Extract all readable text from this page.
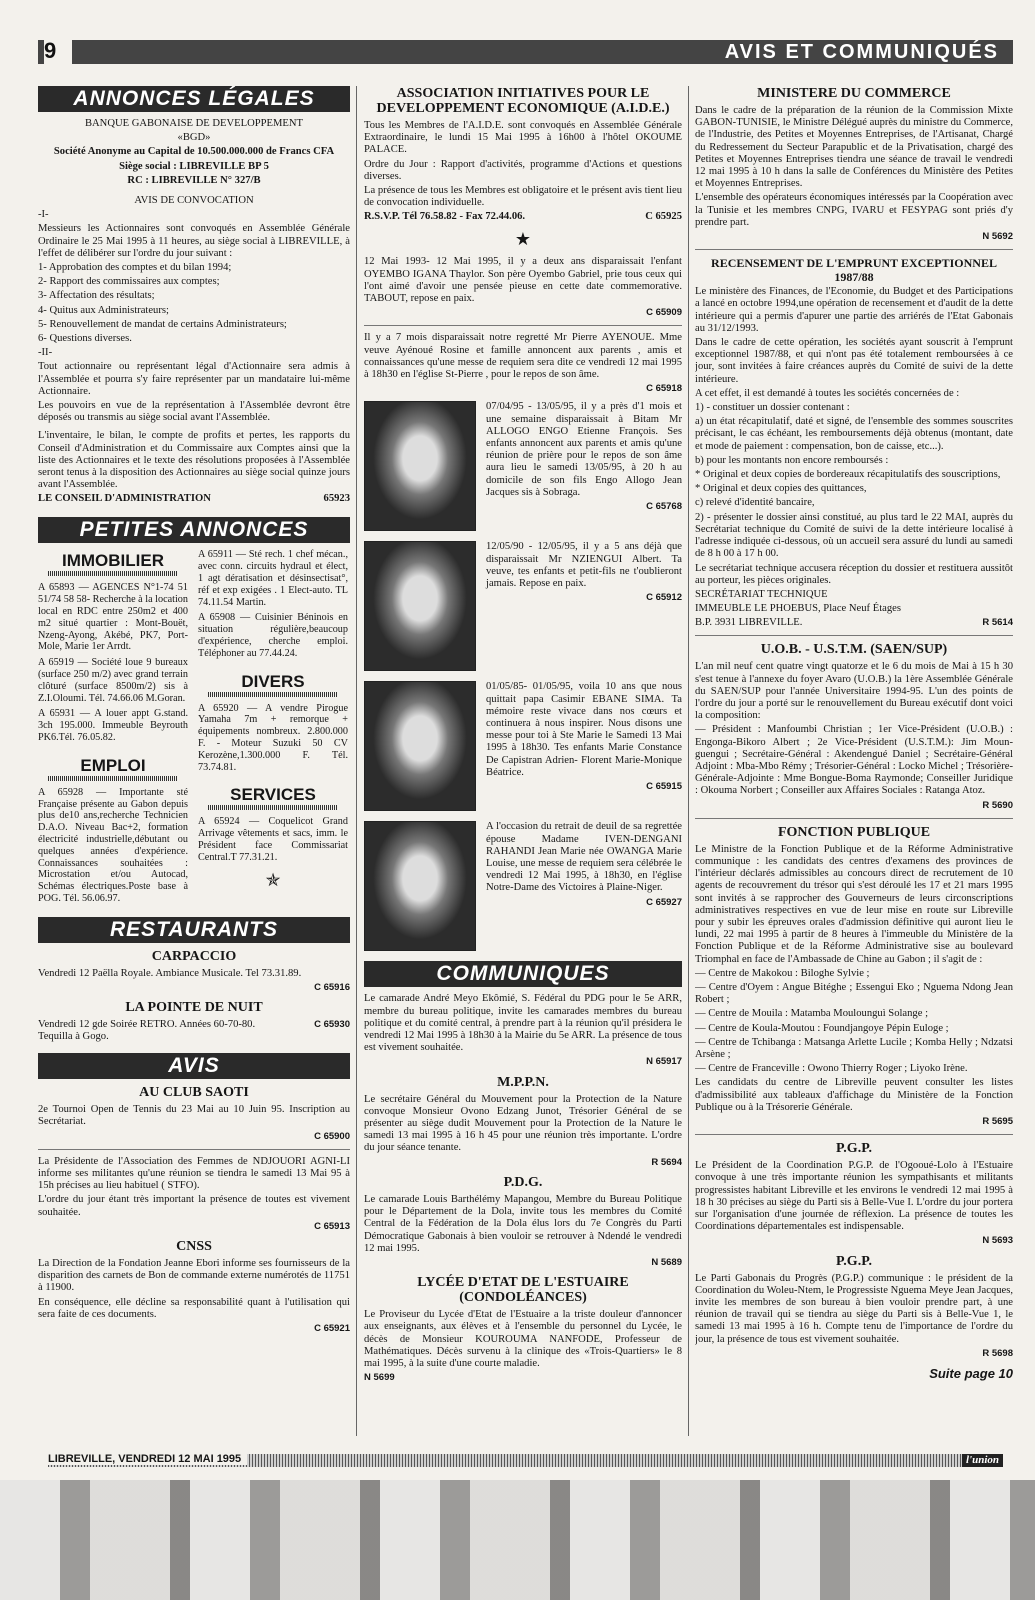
9	AVIS ET COMMUNIQUÉS
ANNONCES LÉGALES

BANQUE GABONAISE DE DEVELOPPEMENT

«BGD»

Société Anonyme au Capital de 10.500.000.000 de Francs CFA

Siège social : LIBREVILLE BP 5

RC : LIBREVILLE N° 327/B

AVIS DE CONVOCATION

-I-

Messieurs les Actionnaires sont convoqués en Assemblée Générale Ordinaire le 25 Mai 1995 à 11 heures, au siège social à LIBREVILLE, à l'effet de délibérer sur l'ordre du jour suivant :

1- Approbation des comptes et du bilan 1994;

2- Rapport des commissaires aux comptes;

3- Affectation des résultats;

4- Quitus aux Administrateurs;

5- Renouvellement de mandat de certains Administrateurs;

6- Questions diverses.

-II-

Tout actionnaire ou représentant légal d'Actionnaire sera admis à l'Assemblée et pourra s'y faire représenter par un mandataire lui-même Actionnaire.

Les pouvoirs en vue de la représentation à l'Assemblée devront être déposés ou transmis au siège social avant l'Assemblée.

L'inventaire, le bilan, le compte de profits et pertes, les rapports du Conseil d'Administration et du Commissaire aux Comptes ainsi que la liste des Actionnaires et le texte des résolutions proposées à l'Assemblée seront tenus à la disposition des Actionnaires au siège social quinze jours avant l'Assemblée.

LE CONSEIL D'ADMINISTRATION	65923
PETITES ANNONCES
IMMOBILIER

A 65893 — AGENCES N°1-74 51 51/74 58 58- Recherche à la location local en RDC entre 250m2 et 400 m2 situé quartier : Mont-Bouët, Nzeng-Ayong, Akébé, PK7, Port-Mole, Marie 1er Arrdt.

A 65919 — Société loue 9 bureaux (surface 250 m/2) avec grand terrain clôturé (surface 8500m/2) sis à Z.I.Oloumi. Tél. 74.66.06 M.Goran.

A 65931 — A louer appt G.stand. 3ch 195.000. Immeuble Beyrouth PK6.Tél. 76.05.82.

EMPLOI

A 65928 — Importante sté Française présente au Gabon depuis plus de10 ans,recherche Technicien D.A.O. Niveau Bac+2, formation électricité industrielle,débutant ou quelques années d'expérience. Connaissances souhaitées : Microstation et/ou Autocad, Schémas électriques.Poste base à POG. Tél. 56.06.97.

A 65911 — Sté rech. 1 chef mécan., avec conn. circuits hydraul et élect, 1 agt dératisation et désinsectisat°, réf et exp exigées . 1 Elect-auto. TL 74.11.54 Martin.

A 65908 — Cuisinier Béninois en situation régulière,beaucoup d'expérience, cherche emploi. Téléphoner au 77.44.24.

DIVERS

A 65920 — A vendre Pirogue Yamaha 7m + remorque + équipements nombreux. 2.800.000 F. - Moteur Suzuki 50 CV Kerozène,1.300.000 F. Tél. 73.74.81.

SERVICES

A 65924 — Coquelicot Grand Arrivage vêtements et sacs, imm. le Président face Commissariat Central.T 77.31.21.

✯
RESTAURANTS
CARPACCIO

Vendredi 12 Paëlla Royale. Ambiance Musicale. Tel 73.31.89.

C 65916

LA POINTE DE NUIT
Vendredi 12 gde Soirée RETRO. Années 60-70-80. Tequilla à Gogo.
C 65930
AVIS
AU CLUB SAOTI

2e Tournoi Open de Tennis du 23 Mai au 10 Juin 95. Inscription au Secrétariat.

C 65900

La Présidente de l'Association des Femmes de NDJOUORI AGNI-LI informe ses militantes qu'une réunion se tiendra le samedi 13 Mai 95 à 15h précises au lieu habituel ( STFO).

L'ordre du jour étant très important la présence de toutes est vivement souhaitée.

C 65913

CNSS

La Direction de la Fondation Jeanne Ebori informe ses fournisseurs de la disparition des carnets de Bon de commande externe numérotés de 11751 à 11900.

En conséquence, elle décline sa responsabilité quant à l'utilisation qui sera faite de ces documents.

C 65921

ASSOCIATION INITIATIVES POUR LE DEVELOPPEMENT ECONOMIQUE (A.I.D.E.)

Tous les Membres de l'A.I.D.E. sont convoqués en Assemblée Générale Extraordinaire, le lundi 15 Mai 1995 à 16h00 à l'hôtel OKOUME PALACE.

Ordre du Jour : Rapport d'activités, programme d'Actions et questions diverses.

La présence de tous les Membres est obligatoire et le présent avis tient lieu de convocation individuelle.

R.S.V.P. Tél 76.58.82 - Fax 72.44.06.	C 65925
★

12 Mai 1993- 12 Mai 1995, il y a deux ans disparaissait l'enfant OYEMBO IGANA Thaylor. Son père Oyembo Gabriel, prie tous ceux qui l'ont aimé d'avoir une pensée pieuse en cette date commemorative. TABOUT, repose en paix.

C 65909

Il y a 7 mois disparaissait notre regretté Mr Pierre AYENOUE. Mme veuve Ayénoué Rosine et famille annoncent aux parents , amis et connaissances qu'une messe de requiem sera dite ce vendredi 12 mai 1995 à 18h30 en l'église St-Pierre , pour le repos de son âme.

C 65918

07/04/95 - 13/05/95, il y a près d'1 mois et une semaine disparaissait à Bitam Mr ALLOGO ENGO Etienne François. Ses enfants annoncent aux parents et amis qu'une réunion de prière pour le repos de son âme aura lieu le samedi 13/05/95, à 20 h au domicile de son fils Engo Allogo Jean Jacques sis à Sobraga.

C 65768

12/05/90 - 12/05/95, il y a 5 ans déjà que disparaissait Mr NZIENGUI Albert. Ta veuve, tes enfants et petit-fils ne t'oublieront jamais. Repose en paix.

C 65912

01/05/85- 01/05/95, voila 10 ans que nous quittait papa Casimir EBANE SIMA. Ta mémoire reste vivace dans nos cœurs et continuera à nous inspirer. Nous disons une messe pour toi à Ste Marie le Samedi 13 Mai 1995 à 18h30. Tes enfants Marie Constance De Capistran Adrien- Florent Marie-Monique Béatrice.

C 65915

A l'occasion du retrait de deuil de sa regrettée épouse Madame IVEN-DENGANI RAHANDI Jean Marie née OWANGA Marie Louise, une messe de requiem sera célébrée le vendredi 12 Mai 1995, à 18h30, en l'église Notre-Dame des Victoires à Plaine-Niger.

C 65927

COMMUNIQUES

Le camarade André Meyo Ekômié, S. Fédéral du PDG pour le 5e ARR, membre du bureau politique, invite les camarades membres du bureau politique et du comité central, à prendre part à la réunion qu'il présidera le vendredi 12 Mai 1995 à 18h30 à la Mairie du 5e ARR. La présence de tous est vivement souhaitée.

N 65917

M.P.P.N.

Le secrétaire Général du Mouvement pour la Protection de la Nature convoque Monsieur Ovono Edzang Junot, Trésorier Général de se présenter au siège dudit Mouvement pour la Protection de la Nature le samedi 13 mai 1995 à 16 h 45 pour une réunion très importante. L'ordre du jour séance tenante.

R 5694

P.D.G.

Le camarade Louis Barthélémy Mapangou, Membre du Bureau Politique pour le Département de la Dola, invite tous les membres du Comité Central de la Fédération de la Dola élus lors du 7e Congrès du Parti Démocratique Gabonais à bien vouloir se retrouver à Ndendé le vendredi 12 mai 1995.

N 5689

LYCÉE D'ETAT DE L'ESTUAIRE (CONDOLÉANCES)

Le Proviseur du Lycée d'Etat de l'Estuaire a la triste douleur d'annoncer aux enseignants, aux élèves et à l'ensemble du personnel du Lycée, le décès de Monsieur KOUROUMA NANFODE, Professeur de Mathématiques. Décès survenu à la clinique des «Trois-Quartiers» le 8 mai 1995, à la suite d'une courte maladie.

N 5699

MINISTERE DU COMMERCE

Dans le cadre de la préparation de la réunion de la Commission Mixte GABON-TUNISIE, le Ministre Délégué auprès du ministre du Commerce, de l'Industrie, des Petites et Moyennes Entreprises, de l'Artisanat, Chargé du Redressement du Secteur Parapublic et de la Privatisation, chargé des Petites et Moyennes Entreprises tiendra une séance de travail le vendredi 12 mai 1995 à 10 h dans la salle de Conférences du Ministère des Petites et Moyennes Entreprises.

L'ensemble des opérateurs économiques intéressés par la Coopération avec la Tunisie et les membres CNPG, IVARU et FESYPAG sont priés d'y prendre part.

N 5692

RECENSEMENT DE L'EMPRUNT EXCEPTIONNEL 1987/88

Le ministère des Finances, de l'Economie, du Budget et des Participations a lancé en octobre 1994,une opération de recensement et d'audit de la dette intérieure qui a permis d'apurer une partie des arriérés de l'Etat Gabonais au 31/12/1993.

Dans le cadre de cette opération, les sociétés ayant souscrit à l'emprunt exceptionnel 1987/88, et qui n'ont pas été totalement remboursées à ce jour, sont invitées à faire créances auprès du Comité de suivi de la dette intérieure.

A cet effet, il est demandé à toutes les sociétés concernées de :

1) - constituer un dossier contenant :

a) un état récapitulatif, daté et signé, de l'ensemble des sommes souscrites précisant, le cas échéant, les remboursements déjà obtenus (montant, date et mode de paiement : compensation, bon de caisse, etc...).

b) pour les montants non encore remboursés :

* Original et deux copies de bordereaux récapitulatifs des souscriptions,

* Original et deux copies des quittances,

c) relevé d'identité bancaire,

2) - présenter le dossier ainsi constitué, au plus tard le 22 MAI, auprès du Secrétariat technique du Comité de suivi de la dette intérieure localisé à l'adresse indiquée ci-dessous, où un accueil sera assuré du lundi au samedi de 8 h 00 à 17 h 00.

Le secrétariat technique accusera réception du dossier et restituera aussitôt au porteur, les pièces originales.

SECRÉTARIAT TECHNIQUE

IMMEUBLE LE PHOEBUS, Place Neuf Étages

B.P. 3931 LIBREVILLE.	R 5614
U.O.B. - U.S.T.M. (SAEN/SUP)

L'an mil neuf cent quatre vingt quatorze et le 6 du mois de Mai à 15 h 30 s'est tenue à l'annexe du foyer Avaro (U.O.B.) la 1ère Assemblée Générale du SAEN/SUP pour l'année Universitaire 1994-95. L'un des points de l'ordre du jour a porté sur le renouvellement du Bureau exécutif dont voici la composition:

— Président : Manfoumbi Christian ; 1er Vice-Président (U.O.B.) : Engonga-Bikoro Albert ; 2e Vice-Président (U.S.T.M.): Jim Moun-guengui ; Secrétaire-Général : Akendengué Daniel ; Secrétaire-Général Adjoint : Mba-Mbo Rémy ; Trésorier-Général : Locko Michel ; Trésorière-Générale-Adjointe : Mme Bongue-Boma Raymonde; Conseiller Juridique : Okouma Norbert ; Conseiller aux Affaires Sociales : Ratanga Atoz.

R 5690

FONCTION PUBLIQUE

Le Ministre de la Fonction Publique et de la Réforme Administrative communique : les candidats des centres d'examens des provinces de l'intérieur déclarés admissibles au concours direct de recrutement de 10 agents de recouvrement du trésor qui s'est déroulé les 17 et 21 mars 1995 sont invités à se rapprocher des Gouverneurs de leurs circonscriptions administratives respectives en vue de leur mise en route sur Libreville pour y subir les épreuves orales d'admission définitive qui auront lieu le lundi, 22 mai 1995 à partir de 8 heures à l'immeuble du Ministère de la Fonction Publique et de la Réforme Administrative sise au boulevard Triomphal en face de l'Ambassade de Chine au Gabon ; il s'agit de :

— Centre de Makokou : Biloghe Sylvie ;

— Centre d'Oyem : Angue Bitéghe ; Essengui Eko ; Nguema Ndong Jean Robert ;

— Centre de Mouila : Matamba Moulounguì Solange ;

— Centre de Koula-Moutou : Foundjangoye Pépin Euloge ;

— Centre de Tchibanga : Matsanga Arlette Lucile ; Komba Helly ; Ndzatsi Arsène ;

— Centre de Franceville : Owono Thierry Roger ; Liyoko Irène.

Les candidats du centre de Libreville peuvent consulter les listes d'admissibilité aux tableaux d'affichage du Ministère de la Fonction Publique ou à la Trésorerie Générale.

R 5695

P.G.P.

Le Président de la Coordination P.G.P. de l'Ogooué-Lolo à l'Estuaire convoque à une très importante réunion les sympathisants et militants progressistes habitant Libreville et les environs le vendredi 12 mai 1995 à 18 h 30 précises au siège du Parti sis à Belle-Vue I. L'ordre du jour portera sur l'organisation d'une journée de réflexion. La présence de toutes les Coordinations départementales est indispensable.

N 5693

P.G.P.

Le Parti Gabonais du Progrès (P.G.P.) communique : le président de la Coordination du Woleu-Ntem, le Progressiste Nguema Meye Jean Jacques, invite les membres de son bureau à bien vouloir prendre part, à une réunion de travail qui se tiendra au siège du Parti sis à Belle-Vue 1, le samedi 13 mai 1995 à 16 h. Compte tenu de l'importance de l'ordre du jour, la présence de tous est vivement souhaitée.

R 5698

Suite page 10

LIBREVILLE, VENDREDI 12 MAI 1995	l'union
